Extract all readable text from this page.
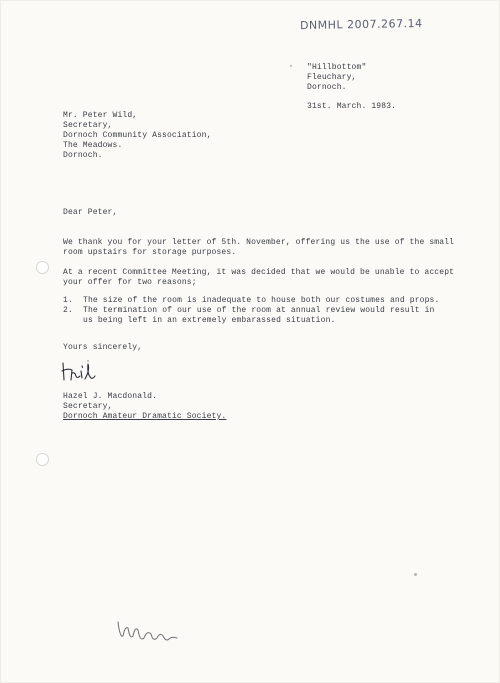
DNMHL 2007.267.14
"Hillbottom"
Fleuchary,
Dornoch.
31st. March. 1983.
Mr. Peter Wild,
Secretary,
Dornoch Community Association,
The Meadows.
Dornoch.
Dear Peter,
We thank you for your letter of 5th. November, offering us the use of the small
room upstairs for storage purposes.
At a recent Committee Meeting, it was decided that we would be unable to accept
your offer for two reasons;
1.	The size of the room is inadequate to house both our costumes and props.
2.	The termination of our use of the room at annual review would result in
us being left in an extremely embarassed situation.
Yours sincerely,
Hazel J. Macdonald.
Secretary,
Dornoch Amateur Dramatic Society.
